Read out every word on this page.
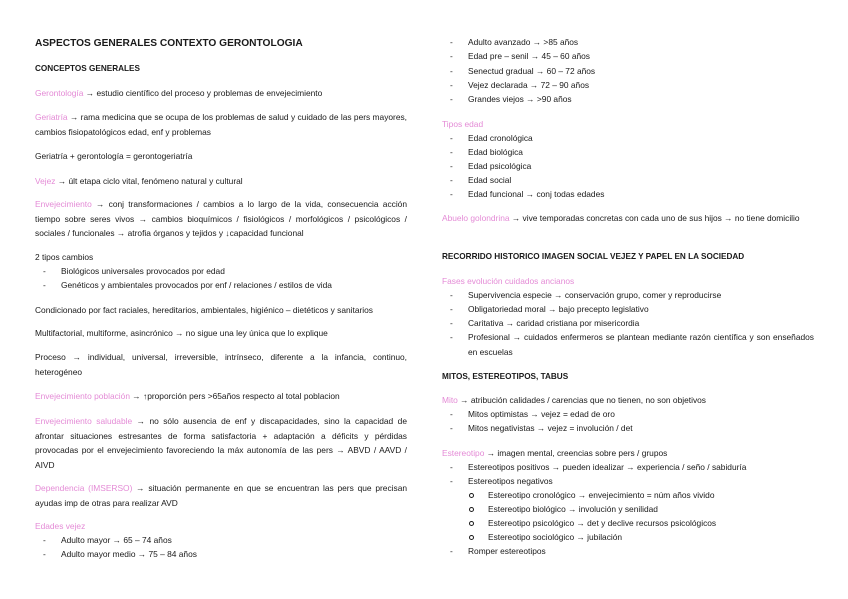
ASPECTOS GENERALES CONTEXTO GERONTOLOGIA
CONCEPTOS GENERALES

Gerontología → estudio científico del proceso y problemas de envejecimiento

Geriatría → rama medicina que se ocupa de los problemas de salud y cuidado de las pers mayores, cambios fisiopatológicos edad, enf y problemas

Geriatría + gerontología = gerontogeriatría

Vejez → últ etapa ciclo vital, fenómeno natural y cultural

Envejecimiento → conj transformaciones / cambios a lo largo de la vida, consecuencia acción tiempo sobre seres vivos → cambios bioquímicos / fisiológicos / morfológicos / psicológicos / sociales / funcionales → atrofia órganos y tejidos y ↓capacidad funcional

2 tipos cambios

- Biológicos universales provocados por edad
- Genéticos y ambientales provocados por enf / relaciones / estilos de vida

Condicionado por fact raciales, hereditarios, ambientales, higiénico – dietéticos y sanitarios

Multifactorial, multiforme, asincrónico → no sigue una ley única que lo explique

Proceso → individual, universal, irreversible, intrínseco, diferente a la infancia, continuo, heterogéneo

Envejecimiento población → ↑proporción pers >65años respecto al total poblacion

Envejecimiento saludable → no sólo ausencia de enf y discapacidades, sino la capacidad de afrontar situaciones estresantes de forma satisfactoria + adaptación a déficits y pérdidas provocadas por el envejecimiento favoreciendo la máx autonomía de las pers → ABVD / AAVD / AIVD

Dependencia (IMSERSO) → situación permanente en que se encuentran las pers que precisan ayudas imp de otras para realizar AVD

Edades vejez
- Adulto mayor → 65 – 74 años
- Adulto mayor medio → 75 – 84 años
- Adulto avanzado → >85 años
- Edad pre – senil → 45 – 60 años
- Senectud gradual → 60 – 72 años
- Vejez declarada → 72 – 90 años
- Grandes viejos → >90 años
Tipos edad
- Edad cronológica
- Edad biológica
- Edad psicológica
- Edad social
- Edad funcional → conj todas edades

Abuelo golondrina → vive temporadas concretas con cada uno de sus hijos → no tiene domicilio

RECORRIDO HISTORICO IMAGEN SOCIAL VEJEZ Y PAPEL EN LA SOCIEDAD
Fases evolución cuidados ancianos
- Supervivencia especie → conservación grupo, comer y reproducirse
- Obligatoriedad moral → bajo precepto legislativo
- Caritativa → caridad cristiana por misericordia
- Profesional → cuidados enfermeros se plantean mediante razón científica y son enseñados en escuelas

MITOS, ESTEREOTIPOS, TABUS

Mito → atribución calidades / carencias que no tienen, no son objetivos

- Mitos optimistas → vejez = edad de oro
- Mitos negativistas → vejez = involución / det

Estereotipo → imagen mental, creencias sobre pers / grupos

- Estereotipos positivos → pueden idealizar → experiencia / seño / sabiduría
- Estereotipos negativos
Estereotipo cronológico → envejecimiento = núm años vivido
Estereotipo biológico → involución y senilidad
Estereotipo psicológico → det y declive recursos psicológicos
Estereotipo sociológico → jubilación
- Romper estereotipos
